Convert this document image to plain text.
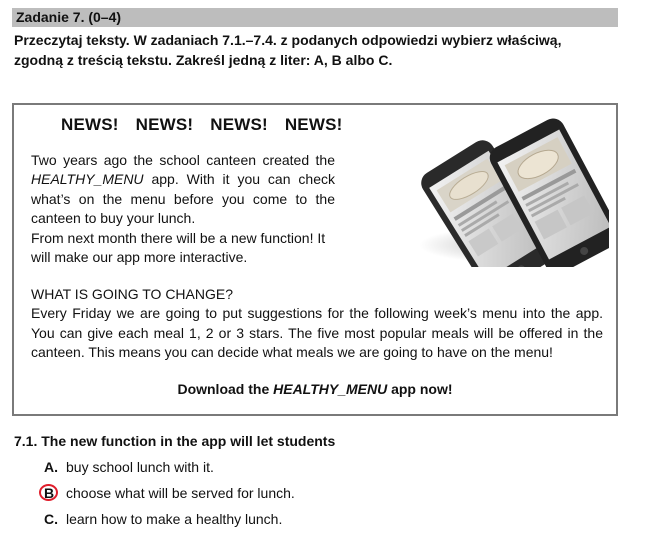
Zadanie 7. (0–4)
Przeczytaj teksty. W zadaniach 7.1.–7.4. z podanych odpowiedzi wybierz właściwą,
zgodną z treścią tekstu. Zakreśl jedną z liter: A, B albo C.
NEWS! NEWS! NEWS! NEWS!
Two years ago the school canteen created the HEALTHY_MENU app. With it you can check what’s on the menu before you come to the canteen to buy your lunch.
From next month there will be a new function! It will make our app more interactive.

WHAT IS GOING TO CHANGE?

Every Friday we are going to put suggestions for the following week’s menu into the app. You can give each meal 1, 2 or 3 stars. The five most popular meals will be offered in the canteen. This means you can decide what meals we are going to have on the menu!

Download the HEALTHY_MENU app now!
7.1. The new function in the app will let students
A. buy school lunch with it.
B choose what will be served for lunch.
C. learn how to make a healthy lunch.
